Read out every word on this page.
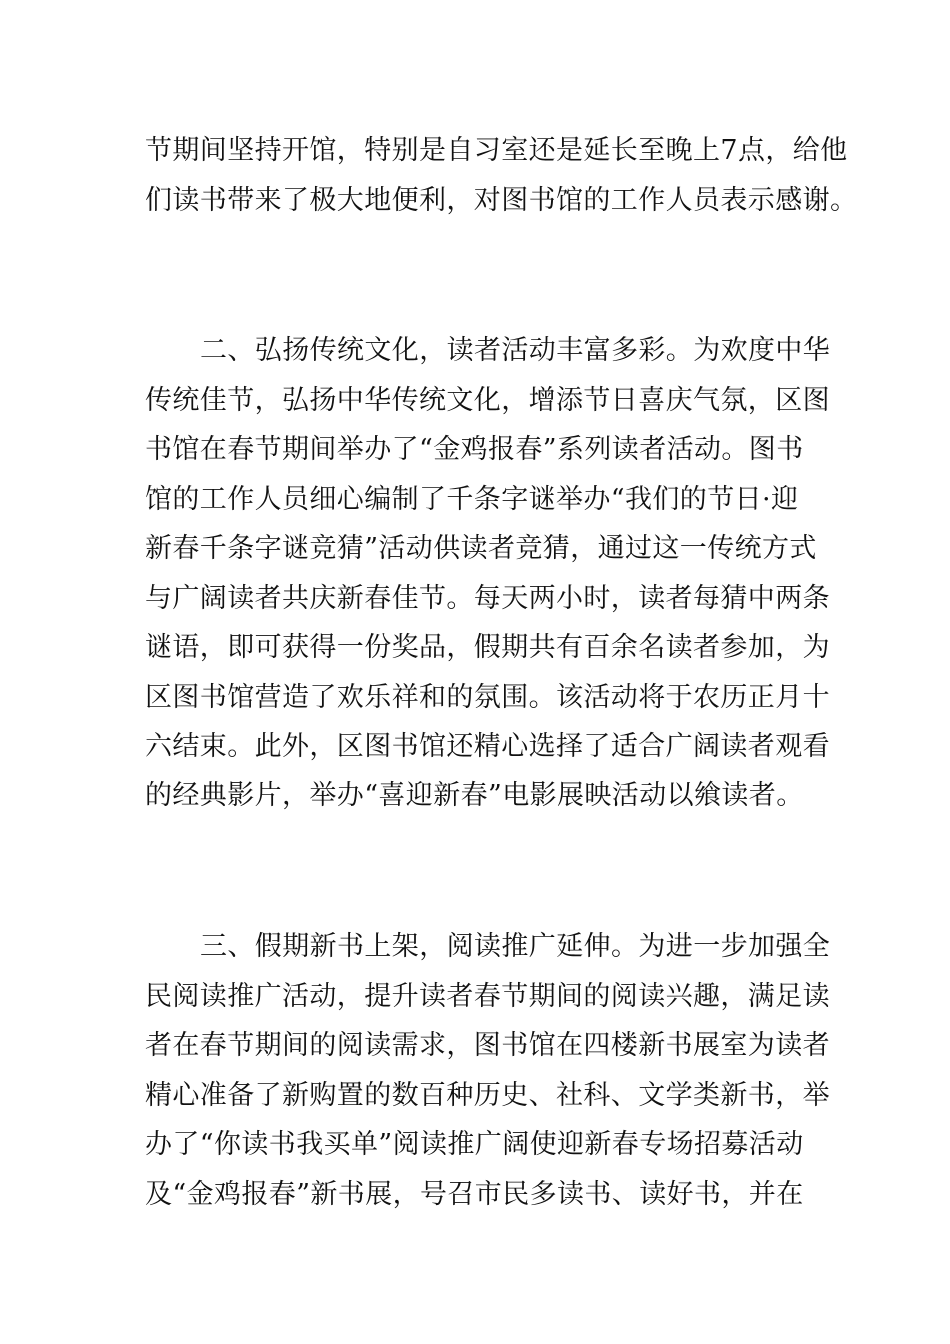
节期间坚持开馆，特别是自习室还是延长至晚上7点，给他
们读书带来了极大地便利，对图书馆的工作人员表示感谢。
二、弘扬传统文化，读者活动丰富多彩。为欢度中华
传统佳节，弘扬中华传统文化，增添节日喜庆气氛，区图
书馆在春节期间举办了“金鸡报春”系列读者活动。图书
馆的工作人员细心编制了千条字谜举办“我们的节日·迎
新春千条字谜竞猜”活动供读者竞猜，通过这一传统方式
与广阔读者共庆新春佳节。每天两小时，读者每猜中两条
谜语，即可获得一份奖品，假期共有百余名读者参加，为
区图书馆营造了欢乐祥和的氛围。该活动将于农历正月十
六结束。此外，区图书馆还精心选择了适合广阔读者观看
的经典影片，举办“喜迎新春”电影展映活动以飨读者。
三、假期新书上架，阅读推广延伸。为进一步加强全
民阅读推广活动，提升读者春节期间的阅读兴趣，满足读
者在春节期间的阅读需求，图书馆在四楼新书展室为读者
精心准备了新购置的数百种历史、社科、文学类新书，举
办了“你读书我买单”阅读推广阔使迎新春专场招募活动
及“金鸡报春”新书展，号召市民多读书、读好书，并在
